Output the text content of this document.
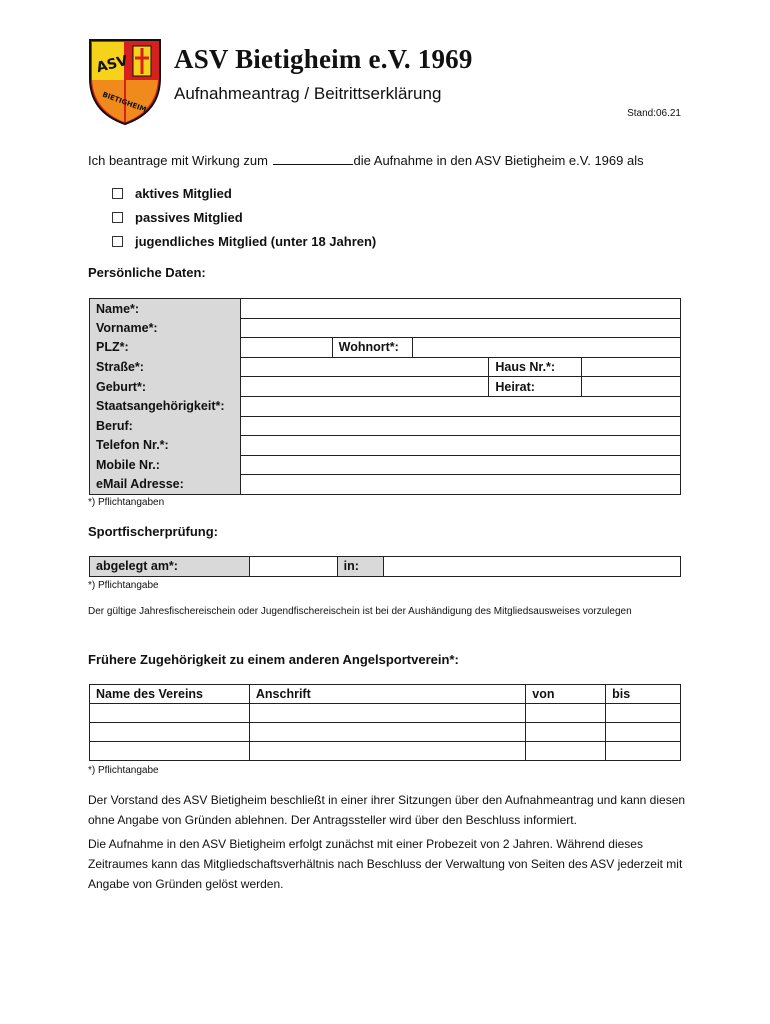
ASV
BIETIGHEIM
ASV Bietigheim e.V. 1969
Aufnahmeantrag / Beitrittserklärung
Stand:06.21
Ich beantrage mit Wirkung zum	die Aufnahme in den ASV Bietigheim e.V. 1969 als
aktives Mitglied
passives Mitglied
jugendliches Mitglied (unter 18 Jahren)
Persönliche Daten:
Name*:					
Vorname*:					
PLZ*:		Wohnort*:			
Straße*:				Haus Nr.*:	
Geburt*:				Heirat:	
Staatsangehörigkeit*:					
Beruf:					
Telefon Nr.*:					
Mobile Nr.:					
eMail Adresse:					
*) Pflichtangaben
Sportfischerprüfung:
abgelegt am*:		in:	
*) Pflichtangabe
Der gültige Jahresfischereischein oder Jugendfischereischein ist bei der Aushändigung des Mitgliedsausweises vorzulegen
Frühere Zugehörigkeit zu einem anderen Angelsportverein*:
Name des Vereins	Anschrift	von	bis

*) Pflichtangabe
Der Vorstand des ASV Bietigheim beschließt in einer ihrer Sitzungen über den Aufnahmeantrag und kann diesen ohne Angabe von Gründen ablehnen. Der Antragssteller wird über den Beschluss informiert.
Die Aufnahme in den ASV Bietigheim erfolgt zunächst mit einer Probezeit von 2 Jahren. Während dieses Zeitraumes kann das Mitgliedschaftsverhältnis nach Beschluss der Verwaltung von Seiten des ASV jederzeit mit Angabe von Gründen gelöst werden.
